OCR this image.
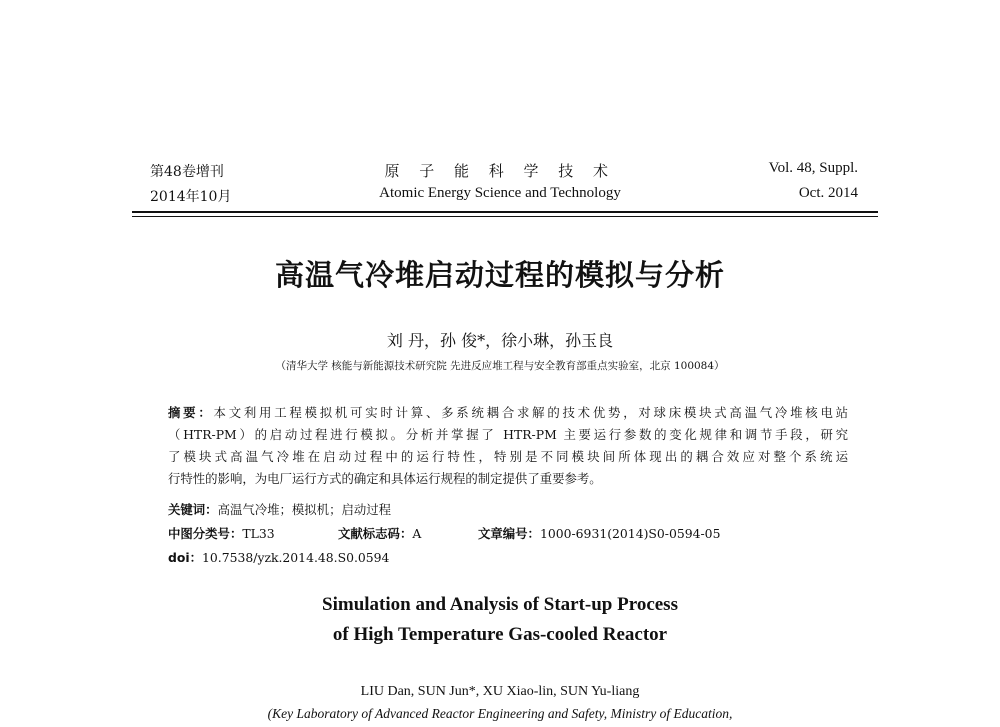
第48卷增刊
2014年10月
原 子 能 科 学 技 术
Atomic Energy Science and Technology
Vol. 48, Suppl.
Oct. 2014
高温气冷堆启动过程的模拟与分析
刘 丹，孙 俊*，徐小琳，孙玉良
（清华大学 核能与新能源技术研究院 先进反应堆工程与安全教育部重点实验室，北京 100084）

摘要：本文利用工程模拟机可实时计算、多系统耦合求解的技术优势，对球床模块式高温气冷堆核电站

（HTR-PM）的启动过程进行模拟。分析并掌握了 HTR-PM 主要运行参数的变化规律和调节手段，研究

了模块式高温气冷堆在启动过程中的运行特性，特别是不同模块间所体现出的耦合效应对整个系统运

行特性的影响，为电厂运行方式的确定和具体运行规程的制定提供了重要参考。

关键词：高温气冷堆；模拟机；启动过程
中图分类号：TL33	文献标志码：A	文章编号：1000-6931(2014)S0-0594-05
doi：10.7538/yzk.2014.48.S0.0594
Simulation and Analysis of Start-up Process
of High Temperature Gas-cooled Reactor
LIU Dan, SUN Jun*, XU Xiao-lin, SUN Yu-liang
(Key Laboratory of Advanced Reactor Engineering and Safety, Ministry of Education,
